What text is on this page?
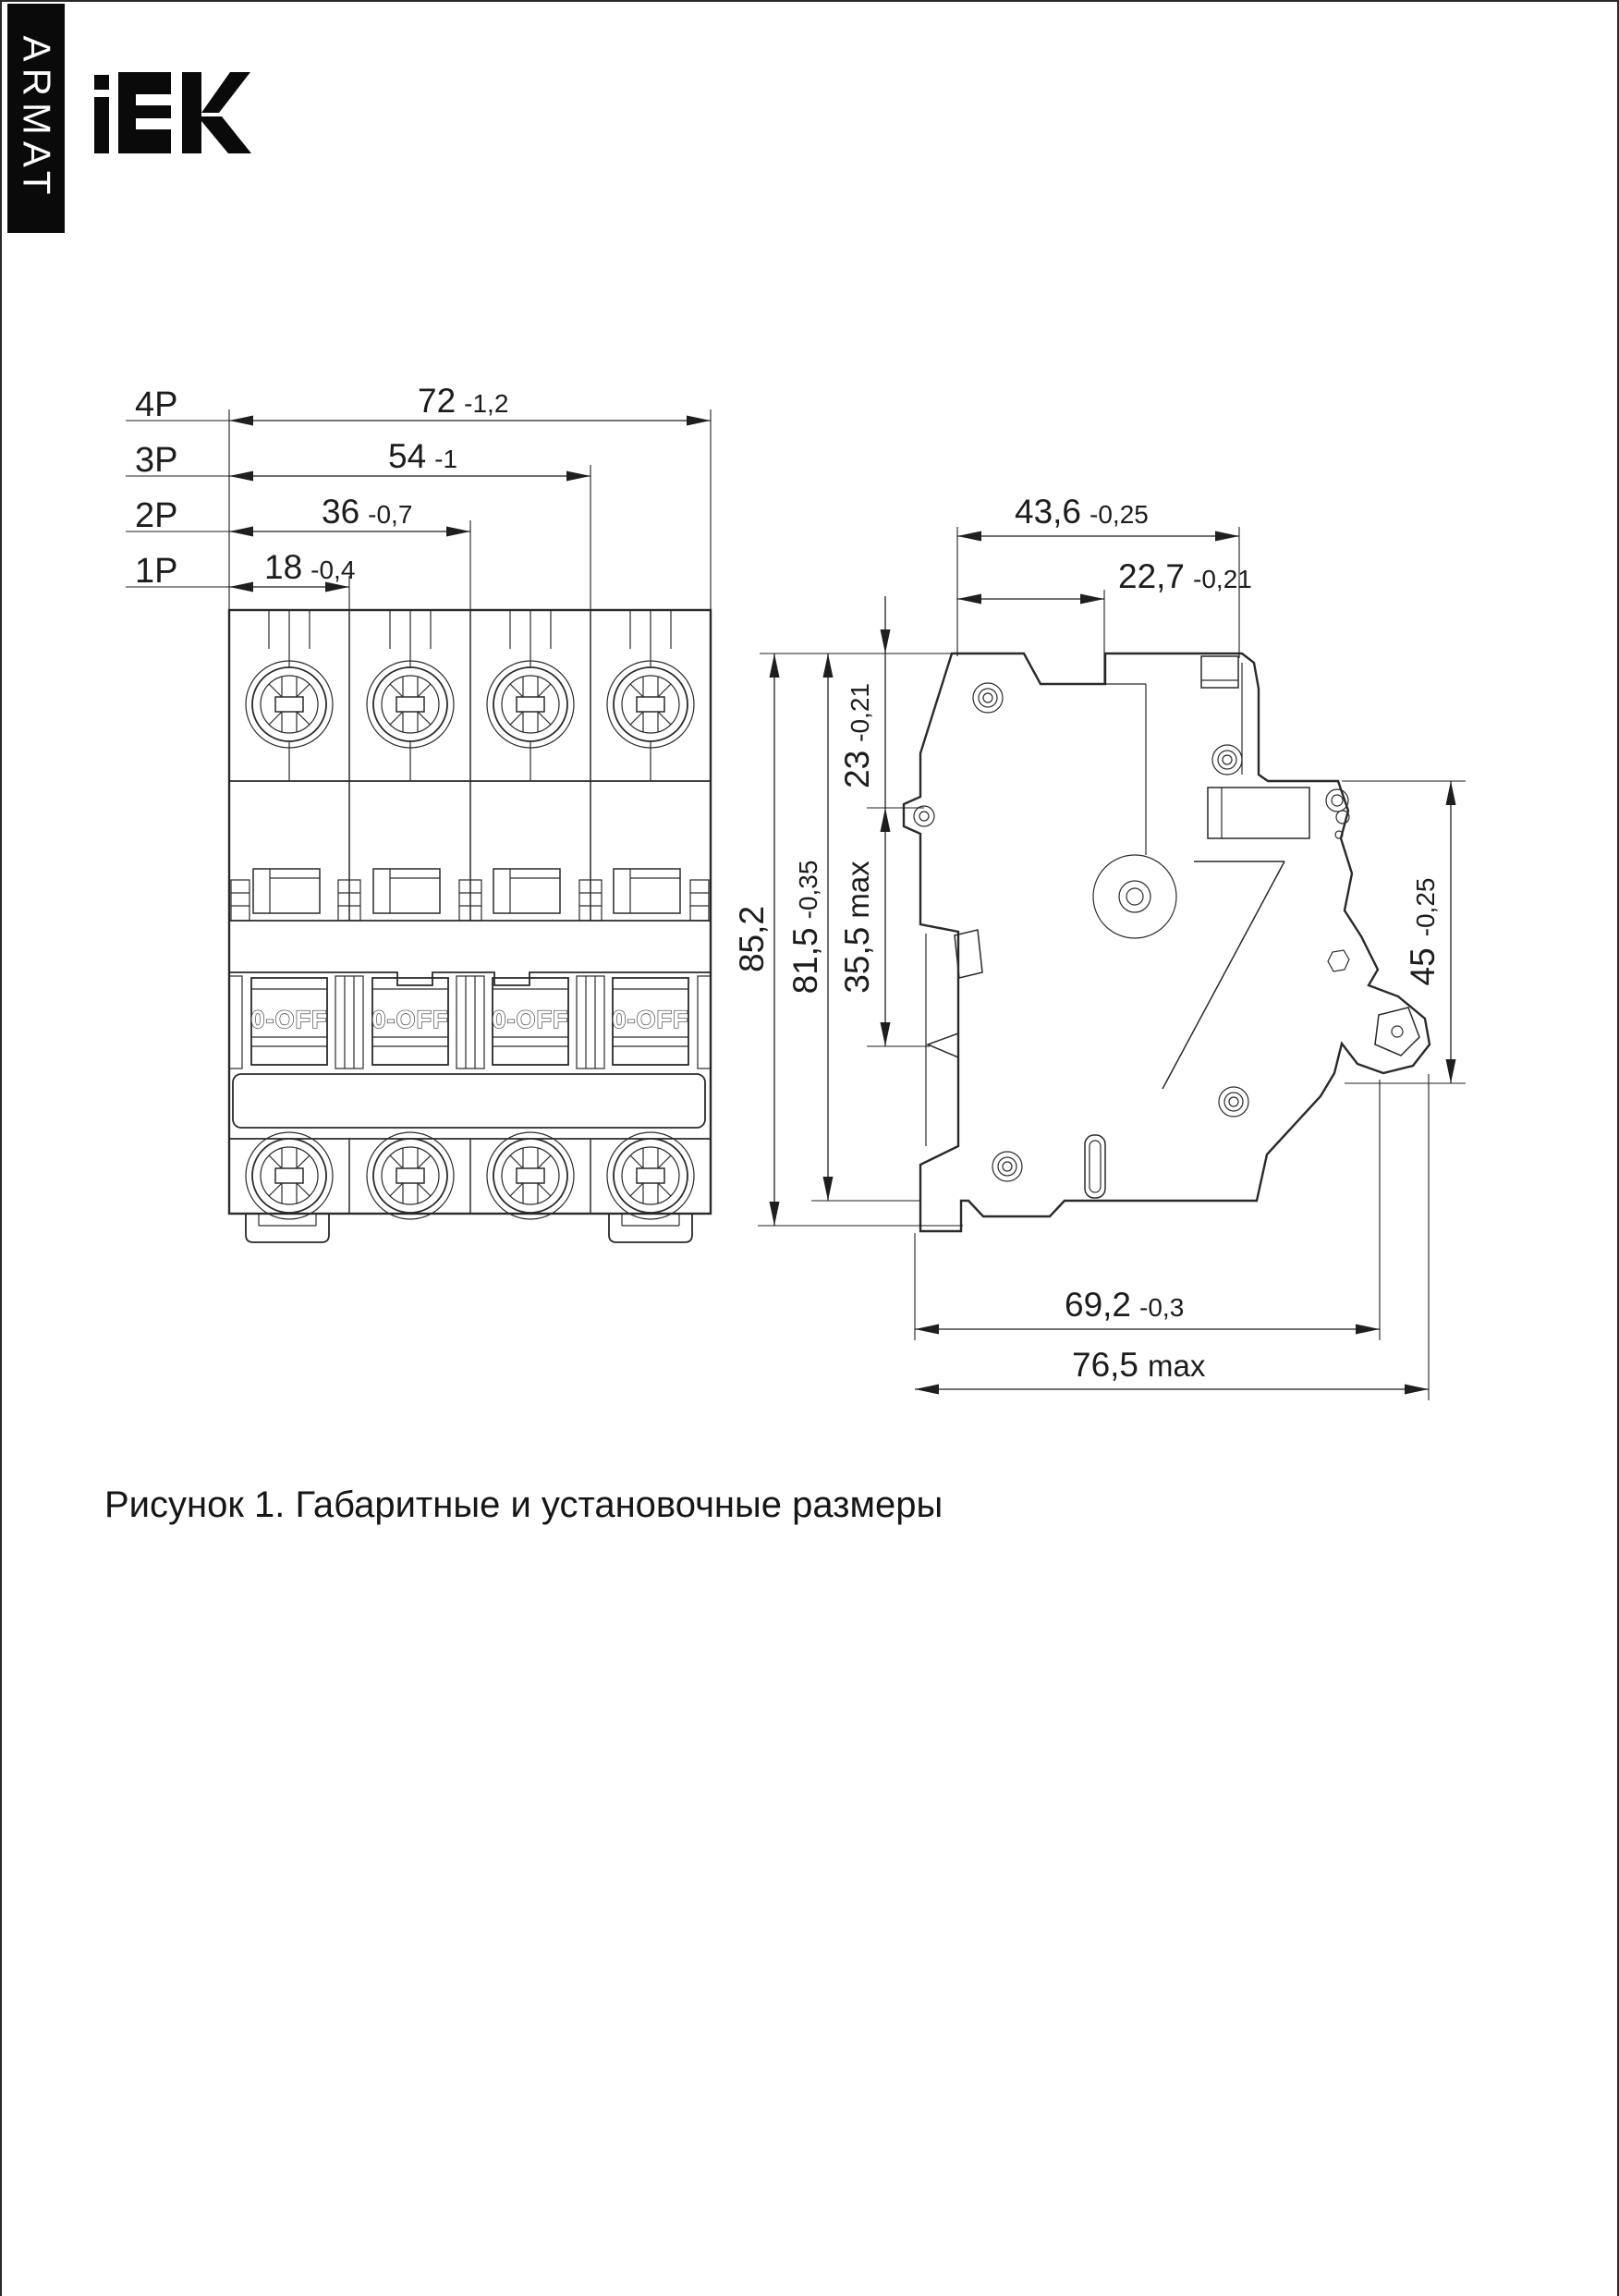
ARMAT
4P
3P
2P
1P
72 -1,2
54 -1
36 -0,7
18 -0,4
0-OFF 0-OFF 0-OFF 0-OFF
43,6 -0,25
22,7 -0,21
23-0,21
35,5max
85,2 81,5-0,35
45-0,25
69,2 -0,3
76,5 max
Рисунок 1. Габаритные и установочные размеры
